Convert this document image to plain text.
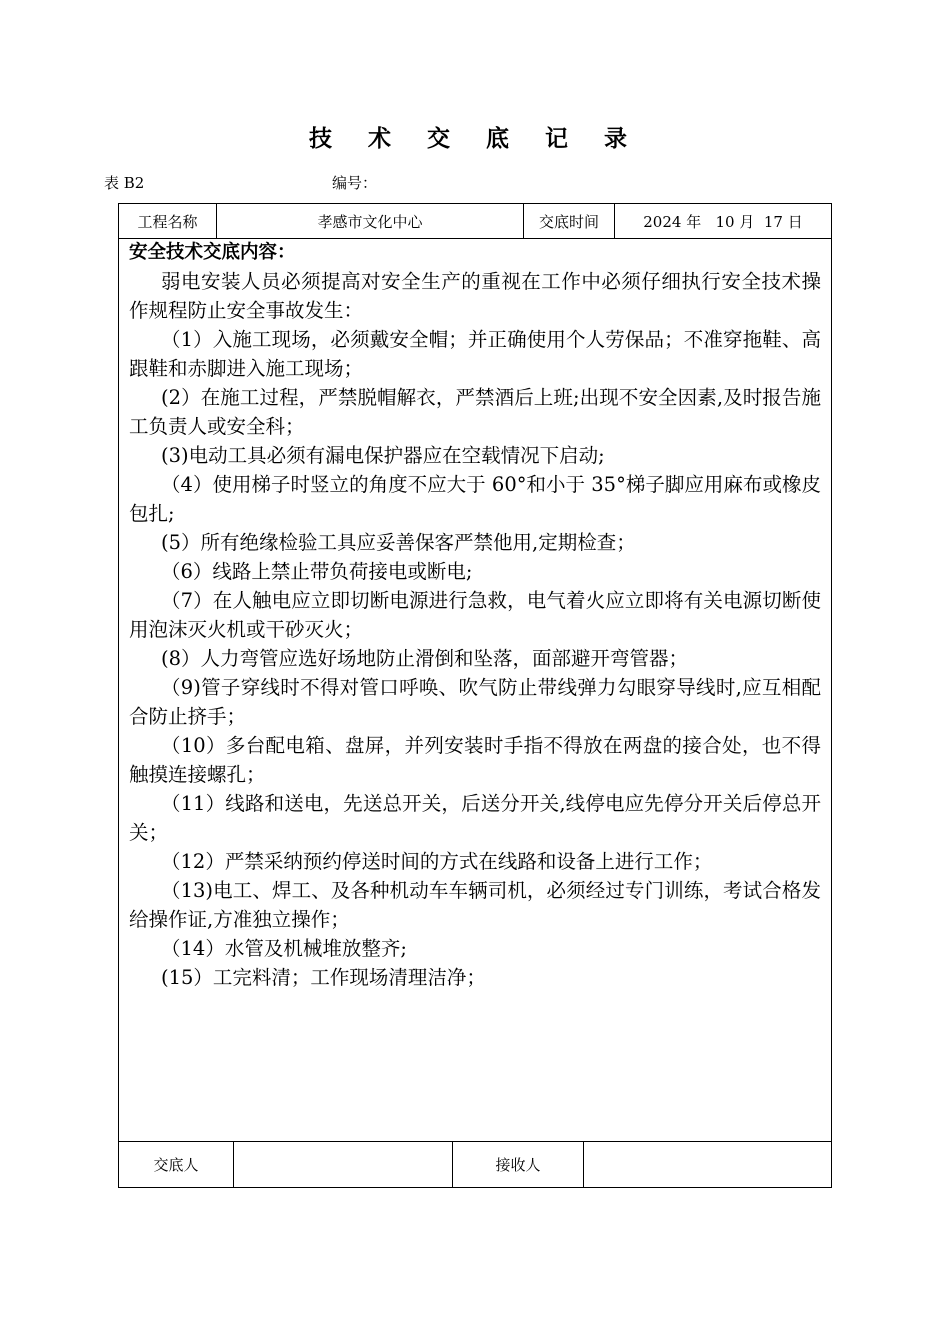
技 术 交 底 记 录
表 B2	编号：
工程名称	孝感市文化中心	交底时间	2024 年   10 月  17 日
安全技术交底内容：

弱电安装人员必须提高对安全生产的重视在工作中必须仔细执行安全技术操作规程防止安全事故发生：

（1）入施工现场，必须戴安全帽；并正确使用个人劳保品；不准穿拖鞋、高跟鞋和赤脚进入施工现场；

(2）在施工过程，严禁脱帽解衣，严禁酒后上班;出现不安全因素,及时报告施工负责人或安全科；

(3)电动工具必须有漏电保护器应在空载情况下启动;

（4）使用梯子时竖立的角度不应大于 60°和小于 35°梯子脚应用麻布或橡皮包扎;

(5）所有绝缘检验工具应妥善保客严禁他用,定期检查；

（6）线路上禁止带负荷接电或断电;

（7）在人触电应立即切断电源进行急救，电气着火应立即将有关电源切断使用泡沫灭火机或干砂灭火；

(8）人力弯管应选好场地防止滑倒和坠落，面部避开弯管器；

（9)管子穿线时不得对管口呼唤、吹气防止带线弹力勾眼穿导线时,应互相配合防止挤手；

（10）多台配电箱、盘屏，并列安装时手指不得放在两盘的接合处，也不得触摸连接螺孔；

（11）线路和送电，先送总开关，后送分开关,线停电应先停分开关后停总开关；

（12）严禁采纳预约停送时间的方式在线路和设备上进行工作；

（13)电工、焊工、及各种机动车车辆司机，必须经过专门训练，考试合格发给操作证,方准独立操作；

（14）水管及机械堆放整齐;

(15）工完料清；工作现场清理洁净；

交底人	接收人
